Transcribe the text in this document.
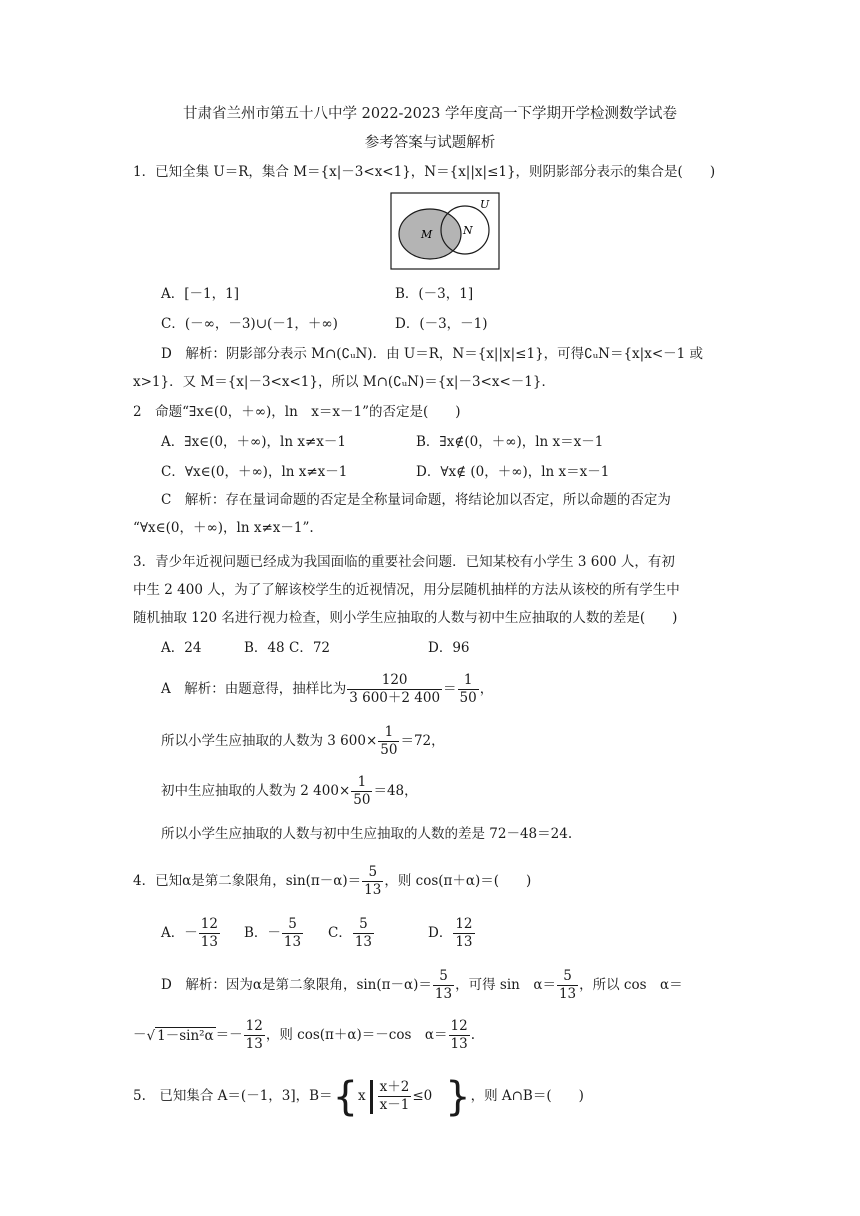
甘肃省兰州市第五十八中学 2022-2023 学年度高一下学期开学检测数学试卷
参考答案与试题解析
1．已知全集 U＝R，集合 M＝{x|－3<x<1}，N＝{x||x|≤1}，则阴影部分表示的集合是(　　)
U
M	N
A．[－1，1]	B．(－3，1]
C．(－∞，－3)∪(－1，＋∞)	D．(－3，－1)
D　解析：阴影部分表示 M∩(∁ᵤN)．由 U＝R，N＝{x||x|≤1}，可得∁ᵤN＝{x|x<－1 或
x>1}．又 M＝{x|－3<x<1}，所以 M∩(∁ᵤN)＝{x|－3<x<－1}．
2　命题“∃x∈(0，＋∞)，ln　x＝x－1”的否定是(　　)
A．∃x∈(0，＋∞)，ln x≠x－1	B．∃x∉(0，＋∞)，ln x＝x－1
C．∀x∈(0，＋∞)，ln x≠x－1	D．∀x∉ (0，＋∞)，ln x＝x－1
C　解析：存在量词命题的否定是全称量词命题，将结论加以否定，所以命题的否定为
“∀x∈(0，＋∞)，ln x≠x－1”.
3．青少年近视问题已经成为我国面临的重要社会问题．已知某校有小学生 3 600 人，有初
中生 2 400 人，为了了解该校学生的近视情况，用分层随机抽样的方法从该校的所有学生中
随机抽取 120 名进行视力检查，则小学生应抽取的人数与初中生应抽取的人数的差是(　　)
A．24	B．48 C．72	D．96
A　解析：由题意得，抽样比为 $\frac{120}{3 600+2 400} = \frac{1}{50}$ ，
所以小学生应抽取的人数为 3 $600\times \frac{1}{50} =72$，
初中生应抽取的人数为 2 $400\times \frac{1}{50} =48$，
所以小学生应抽取的人数与初中生应抽取的人数的差是 72－48＝24.
4．已知α是第二象限角，$\sin(\pi-\alpha)= \frac{5}{13}$ ，则 cos(π＋α)＝(　　)
A．－ $\frac{12}{13}$ B．－ $\frac{5}{13}$ C． $\frac{5}{13}$	D． $\frac{12}{13}$
D　解析：因为α是第二象限角，$\sin(\pi-\alpha)= \frac{5}{13}$ ，可得 sin　$\alpha= \frac{5}{13}$ ，所以 cos　α＝
－√ $1-\sin^2\alpha =- \frac{12}{13}$ ，则 cos(π＋α)＝－cos　$\alpha= \frac{12}{13}$ .
5.　已知集合 A＝(－1，3]，$B=\{x \frac{x+2}{x-1} \le 0$ }，则 A∩B＝(　　)
